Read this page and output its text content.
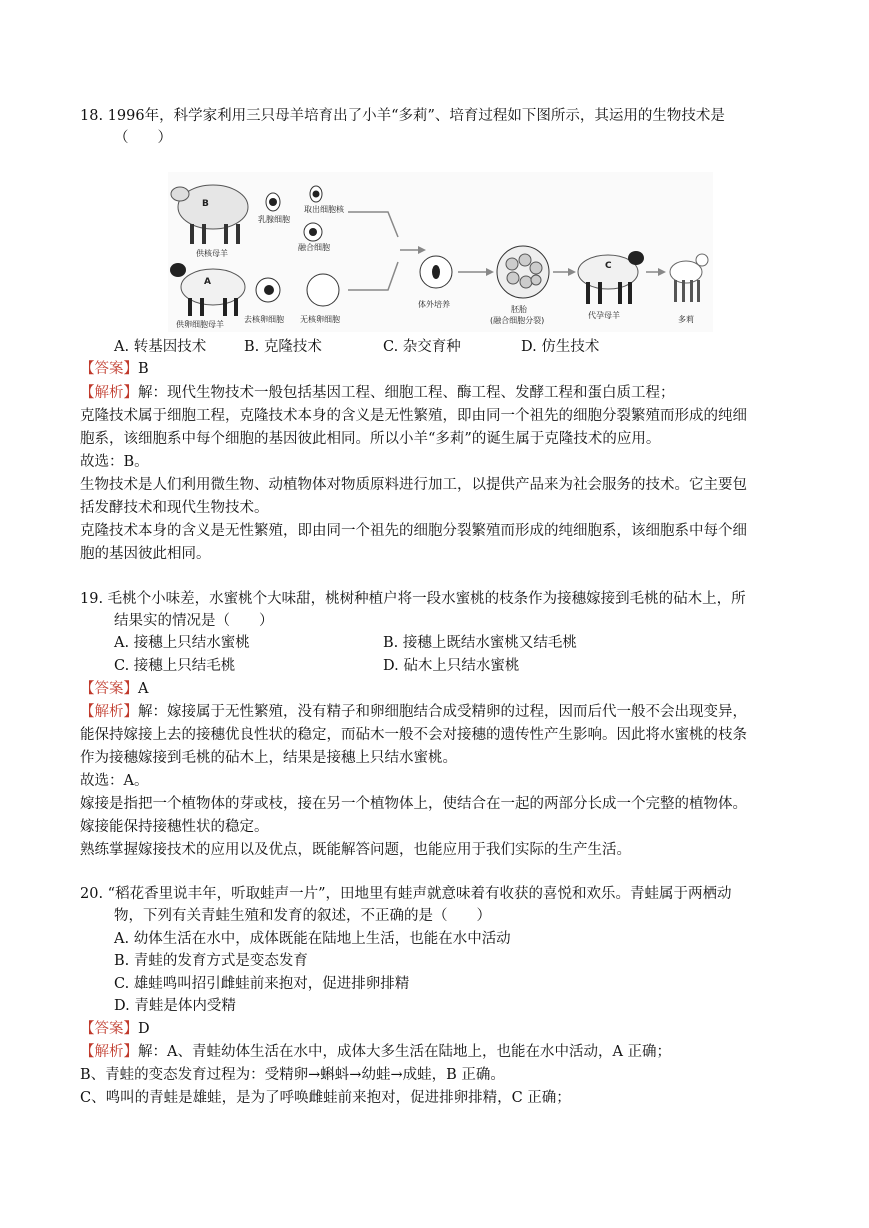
18. 1996年，科学家利用三只母羊培育出了小羊“多莉”、培育过程如下图所示，其运用的生物技术是
（　　）
B
供核母羊
A
供卵细胞母羊
乳腺细胞
取出细胞核
融合细胞
去核卵细胞 无核卵细胞
体外培养
胚胎
(融合细胞分裂)
C
代孕母羊	多莉
A. 转基因技术	B. 克隆技术	C. 杂交育种	D. 仿生技术
【答案】B
【解析】解：现代生物技术一般包括基因工程、细胞工程、酶工程、发酵工程和蛋白质工程；
克隆技术属于细胞工程，克隆技术本身的含义是无性繁殖，即由同一个祖先的细胞分裂繁殖而形成的纯细
胞系，该细胞系中每个细胞的基因彼此相同。所以小羊“多莉”的诞生属于克隆技术的应用。
故选：B。
生物技术是人们利用微生物、动植物体对物质原料进行加工，以提供产品来为社会服务的技术。它主要包
括发酵技术和现代生物技术。
克隆技术本身的含义是无性繁殖，即由同一个祖先的细胞分裂繁殖而形成的纯细胞系，该细胞系中每个细
胞的基因彼此相同。
19. 毛桃个小味差，水蜜桃个大味甜，桃树种植户将一段水蜜桃的枝条作为接穗嫁接到毛桃的砧木上，所
结果实的情况是（　　）
A. 接穗上只结水蜜桃	B. 接穗上既结水蜜桃又结毛桃
C. 接穗上只结毛桃	D. 砧木上只结水蜜桃
【答案】A
【解析】解：嫁接属于无性繁殖，没有精子和卵细胞结合成受精卵的过程，因而后代一般不会出现变异，
能保持嫁接上去的接穗优良性状的稳定，而砧木一般不会对接穗的遗传性产生影响。因此将水蜜桃的枝条
作为接穗嫁接到毛桃的砧木上，结果是接穗上只结水蜜桃。
故选：A。
嫁接是指把一个植物体的芽或枝，接在另一个植物体上，使结合在一起的两部分长成一个完整的植物体。
嫁接能保持接穗性状的稳定。
熟练掌握嫁接技术的应用以及优点，既能解答问题，也能应用于我们实际的生产生活。
20. “稻花香里说丰年，听取蛙声一片”，田地里有蛙声就意味着有收获的喜悦和欢乐。青蛙属于两栖动
物，下列有关青蛙生殖和发育的叙述，不正确的是（　　）
A. 幼体生活在水中，成体既能在陆地上生活，也能在水中活动
B. 青蛙的发育方式是变态发育
C. 雄蛙鸣叫招引雌蛙前来抱对，促进排卵排精
D. 青蛙是体内受精
【答案】D
【解析】解：A、青蛙幼体生活在水中，成体大多生活在陆地上，也能在水中活动，A 正确；
B、青蛙的变态发育过程为：受精卵→蝌蚪→幼蛙→成蛙，B 正确。
C、鸣叫的青蛙是雄蛙，是为了呼唤雌蛙前来抱对，促进排卵排精，C 正确；
